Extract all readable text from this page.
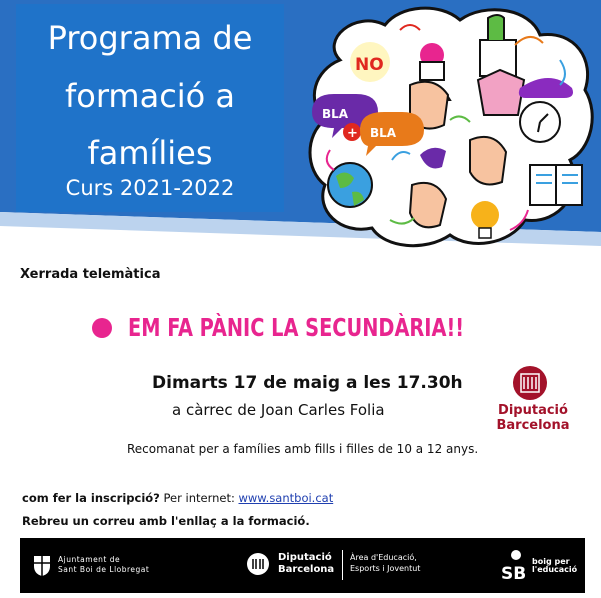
Programa de
formació a
famílies
Curs 2021-2022
NO
BLA
+ BLA
Xerrada telemàtica
EM FA PÀNIC LA SECUNDÀRIA!!
Dimarts 17 de maig a les 17.30h
a càrrec de Joan Carles Folia	Diputació
Barcelona
Recomanat per a famílies amb fills i filles de 10 a 12 anys.
com fer la inscripció? Per internet: www.santboi.cat
Rebreu un correu amb l'enllaç a la formació.
Ajuntament de
Sant Boi de Llobregat
Diputació
Barcelona
Àrea d'Educació,
Esports i Joventut	SB
boig per
l'educació
